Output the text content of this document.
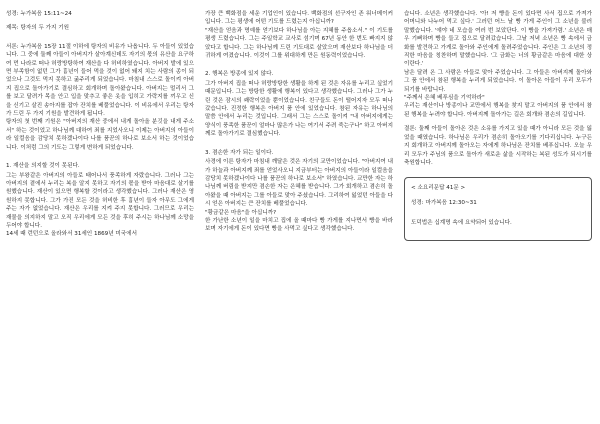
성경: 누가복음 15:11~24

제목: 탕자의 두 가지 기원

서론: 누가복음 15장 11절 이하에 탕자의 비유가 나옵니다. 두 아들이 있었습니다. 그 중에 둘째 아들이 아버지가 살아계신데도 자기의 몫의 유산을 요구하여 먼 나라로 떠나 허랑방탕하여 재산을 다 허비하였습니다. 아버지 발에 있으면 부족함이 없던 그가 흉년이 들어 먹을 것이 없어 돼지 치는 사람의 종이 되었으나 그것도 먹지 못하고 굶주리게 되었습니다. 마침내 스스로 돌이켜 아버지 집으로 돌아가기로 결심하고 회개하며 돌아왔습니다. 아버지는 멀리서 그를 보고 달려가 목을 안고 입을 맞추고 좋은 옷을 입히고 가락지를 끼우고 신을 신기고 살진 송아지를 잡아 잔치를 베풀었습니다. 이 비유에서 우리는 탕자가 드린 두 가지 기원을 발견하게 됩니다.

탕자의 첫 번째 기원은 "아버지의 재산 중에서 내게 돌아올 분깃을 내게 주소서" 하는 것이었고 하나님께 대하여 죄를 지었사오니 이제는 아버지의 아들이라 일컬음을 감당치 못하겠나이다 나를 품꾼의 하나로 보소서 하는 것이었습니다. 이처럼 그의 기도는 그렇게 변하게 되었습니다.

1. 재산을 의지할 것이 못된다.

그는 부왕같은 아버지의 아들로 태어나서 풍족하게 자랐습니다. 그러나 그는 아버지의 곁에서 누리는 복을 알지 못하고 자기의 몫을 받아 마음대로 살기를 원했습니다. 재산이 있으면 행복할 것이라고 생각했습니다. 그러나 재산은 영원하지 못합니다. 그가 가진 모든 것을 허비한 후 흉년이 들자 아무도 그에게 주는 자가 없었습니다. 재산은 우리를 지켜 주지 못합니다. 그러므로 우리는 재물을 의지하지 말고 오직 우리에게 모든 것을 후히 주시는 하나님께 소망을 두어야 합니다.

14세 때 런던으로 올라와서 31세인 1869년 미국에서

가장 큰 백화점을 세운 기업인이 있습니다. 백화점의 선구자인 존 워너메이커입니다. 그는 평생에 어떤 기도를 드렸는지 아십니까?

"재산을 얻음과 명예를 얻기보다 하나님을 아는 지혜를 주옵소서." 이 기도를 평생 드렸습니다. 그는 주일학교 교사로 섬기며 67년 동안 한 번도 빠지지 않았다고 합니다. 그는 하나님께 드린 기도대로 살았으며 재산보다 하나님을 더 귀하게 여겼습니다. 이것이 그를 위대하게 만든 원동력이었습니다.

2. 행복은 방종에 있지 않다.

그가 아버지 집을 떠나 허랑방탕한 생활을 하게 된 것은 자유를 누리고 싶었기 때문입니다. 그는 방탕한 생활에 행복이 있다고 생각했습니다. 그러나 그가 누린 것은 잠시의 쾌락이었을 뿐이었습니다. 친구들도 돈이 떨어지자 모두 떠나갔습니다. 진정한 행복은 아버지 품 안에 있었습니다. 참된 자유는 하나님의 말씀 안에서 누리는 것입니다. 그래서 그는 스스로 돌이켜 "내 아버지에게는 양식이 풍족한 품꾼이 얼마나 많은가 나는 여기서 주려 죽는구나" 하고 아버지께로 돌아가기로 결심했습니다.

3. 겸손한 자가 되는 일이다.

사경에 이른 탕자가 마침내 깨달은 것은 자기의 교만이었습니다. "아버지여 내가 하늘과 아버지께 죄를 얻었사오니 지금부터는 아버지의 아들이라 일컬음을 감당치 못하겠나이다 나를 품꾼의 하나로 보소서" 하였습니다. 교만한 자는 하나님께 버림을 받지만 겸손한 자는 은혜를 받습니다. 그가 회개하고 겸손히 돌아왔을 때 아버지는 그를 아들로 맞아 주셨습니다. 그리하여 잃었던 아들을 다시 얻은 아버지는 큰 잔치를 베풀었습니다.

"황금같은 마음"을 아십니까?

한 가난한 소년이 일을 마치고 집에 올 때마다 빵 가게를 지나면서 빵을 바라보며 자기에게 돈이 있다면 빵을 사먹고 싶다고 생각했습니다.

습니다. 소년은 생각했습니다. '아! 저 빵을 돈이 있다면 사서 집으로 가져가 어머니와 나누어 먹고 싶다.' 그러던 어느 날 빵 가게 주인이 그 소년을 불러 말했습니다. '얘야 네 모습을 여러 번 보았단다. 이 빵을 가져가렴.' 소년은 매우 기뻐하며 빵을 들고 집으로 달려갔습니다. 그날 저녁 소년은 빵 속에서 금화를 발견하고 가게로 돌아와 주인에게 돌려주었습니다. 주인은 그 소년의 정직한 마음을 칭찬하며 말했습니다. '그 금화는 너의 황금같은 마음에 대한 상이란다.'

남은 달려 온 그 사람은 아들로 맞아 주었습니다. 그 아들은 아버지께 돌아와 그 품 안에서 참된 행복을 누리게 되었습니다. 이 돌아온 아들이 우리 모두가 되기를 바랍니다.

"주께서 은혜 베푸심을 기억하라"

우리는 재산이나 방종이나 교만에서 행복을 찾지 말고 아버지의 품 안에서 참된 행복을 누려야 합니다. 아버지께 돌아가는 길은 회개와 겸손의 길입니다.

결론: 둘째 아들이 돌아온 것은 소유를 가지고 있을 때가 아니라 모든 것을 잃었을 때였습니다. 하나님은 우리가 겸손히 돌아오기를 기다리십니다. 누구든지 회개하고 아버지께 돌아오는 자에게 하나님은 잔치를 베푸십니다. 오늘 우리 모두가 주님의 품으로 돌아가 새로운 삶을 시작하는 복된 성도가 되시기를 축원합니다.

< 소요리문답 41문 >

성경: 마가복음 12:30~31

도덕법은 십계명 속에 요약되어 있습니다.
